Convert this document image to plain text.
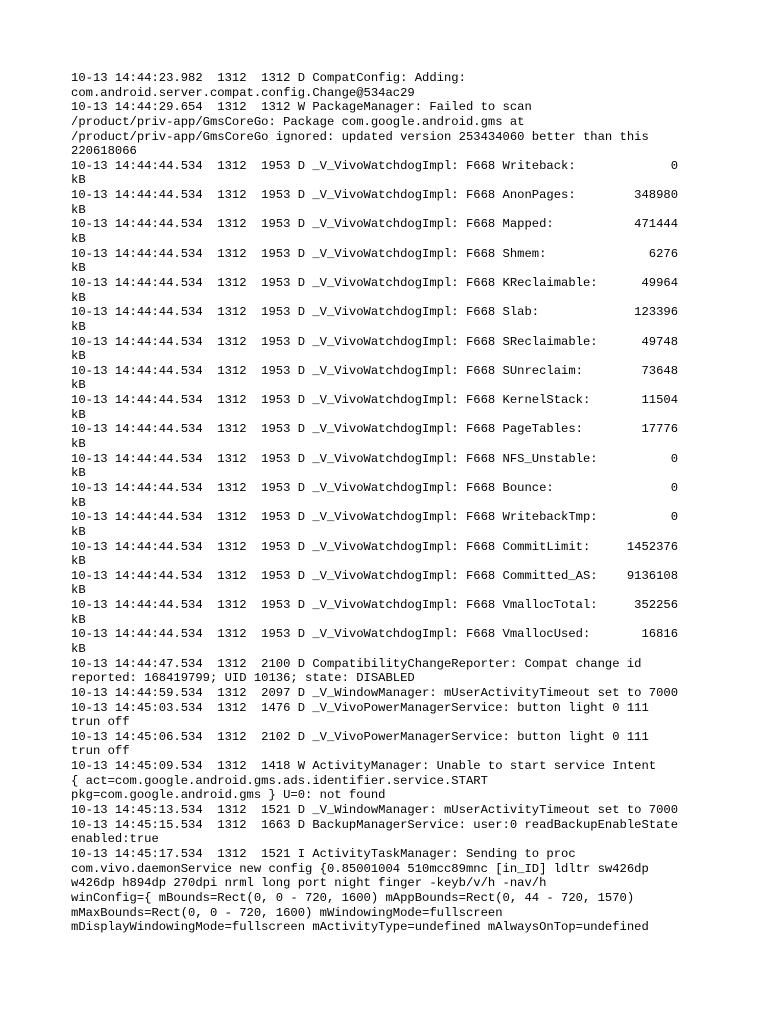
10-13 14:44:23.982  1312  1312 D CompatConfig: Adding:
com.android.server.compat.config.Change@534ac29
10-13 14:44:29.654  1312  1312 W PackageManager: Failed to scan
/product/priv-app/GmsCoreGo: Package com.google.android.gms at
/product/priv-app/GmsCoreGo ignored: updated version 253434060 better than this
220618066
10-13 14:44:44.534  1312  1953 D _V_VivoWatchdogImpl: F668 Writeback:             0
kB
10-13 14:44:44.534  1312  1953 D _V_VivoWatchdogImpl: F668 AnonPages:        348980
kB
10-13 14:44:44.534  1312  1953 D _V_VivoWatchdogImpl: F668 Mapped:           471444
kB
10-13 14:44:44.534  1312  1953 D _V_VivoWatchdogImpl: F668 Shmem:              6276
kB
10-13 14:44:44.534  1312  1953 D _V_VivoWatchdogImpl: F668 KReclaimable:      49964
kB
10-13 14:44:44.534  1312  1953 D _V_VivoWatchdogImpl: F668 Slab:             123396
kB
10-13 14:44:44.534  1312  1953 D _V_VivoWatchdogImpl: F668 SReclaimable:      49748
kB
10-13 14:44:44.534  1312  1953 D _V_VivoWatchdogImpl: F668 SUnreclaim:        73648
kB
10-13 14:44:44.534  1312  1953 D _V_VivoWatchdogImpl: F668 KernelStack:       11504
kB
10-13 14:44:44.534  1312  1953 D _V_VivoWatchdogImpl: F668 PageTables:        17776
kB
10-13 14:44:44.534  1312  1953 D _V_VivoWatchdogImpl: F668 NFS_Unstable:          0
kB
10-13 14:44:44.534  1312  1953 D _V_VivoWatchdogImpl: F668 Bounce:                0
kB
10-13 14:44:44.534  1312  1953 D _V_VivoWatchdogImpl: F668 WritebackTmp:          0
kB
10-13 14:44:44.534  1312  1953 D _V_VivoWatchdogImpl: F668 CommitLimit:     1452376
kB
10-13 14:44:44.534  1312  1953 D _V_VivoWatchdogImpl: F668 Committed_AS:    9136108
kB
10-13 14:44:44.534  1312  1953 D _V_VivoWatchdogImpl: F668 VmallocTotal:     352256
kB
10-13 14:44:44.534  1312  1953 D _V_VivoWatchdogImpl: F668 VmallocUsed:       16816
kB
10-13 14:44:47.534  1312  2100 D CompatibilityChangeReporter: Compat change id
reported: 168419799; UID 10136; state: DISABLED
10-13 14:44:59.534  1312  2097 D _V_WindowManager: mUserActivityTimeout set to 7000
10-13 14:45:03.534  1312  1476 D _V_VivoPowerManagerService: button light 0 111
trun off
10-13 14:45:06.534  1312  2102 D _V_VivoPowerManagerService: button light 0 111
trun off
10-13 14:45:09.534  1312  1418 W ActivityManager: Unable to start service Intent
{ act=com.google.android.gms.ads.identifier.service.START
pkg=com.google.android.gms } U=0: not found
10-13 14:45:13.534  1312  1521 D _V_WindowManager: mUserActivityTimeout set to 7000
10-13 14:45:15.534  1312  1663 D BackupManagerService: user:0 readBackupEnableState
enabled:true
10-13 14:45:17.534  1312  1521 I ActivityTaskManager: Sending to proc
com.vivo.daemonService new config {0.85001004 510mcc89mnc [in_ID] ldltr sw426dp
w426dp h894dp 270dpi nrml long port night finger -keyb/v/h -nav/h
winConfig={ mBounds=Rect(0, 0 - 720, 1600) mAppBounds=Rect(0, 44 - 720, 1570)
mMaxBounds=Rect(0, 0 - 720, 1600) mWindowingMode=fullscreen
mDisplayWindowingMode=fullscreen mActivityType=undefined mAlwaysOnTop=undefined
